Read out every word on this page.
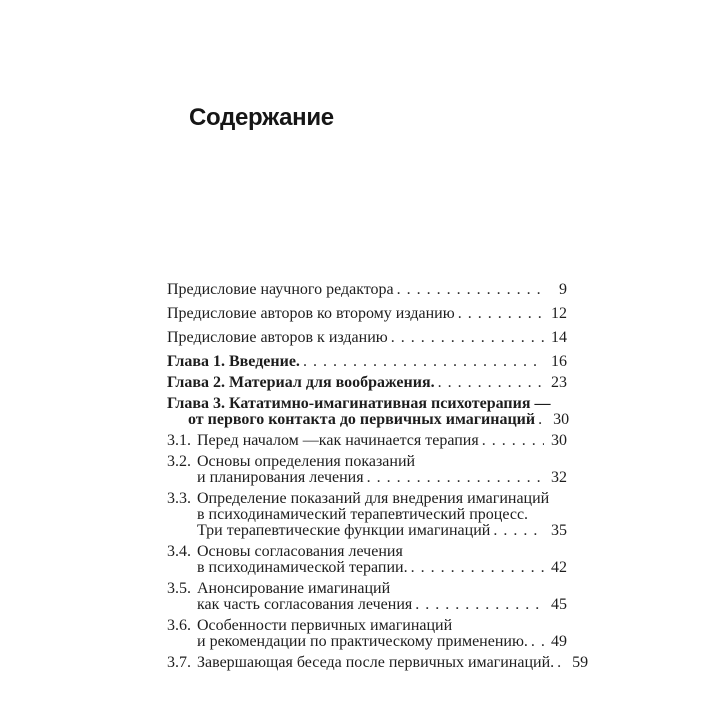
Содержание
Предисловие научного редактора . . .	9
Предисловие авторов ко второму изданию . . .	12
Предисловие авторов к изданию . . .	14
Глава 1. Введение. . . .	16
Глава 2. Материал для воображения. . . .	23
Глава 3. Кататимно-имагинативная психотерапия —
от первого контакта до первичных имагинаций . . . 30
3.1. Перед началом —как начинается терапия . . .	30
3.2. Основы определения показаний
и планирования лечения . . .	32
3.3. Определение показаний для внедрения имагинаций
в психодинамический терапевтический процесс.
Три терапевтические функции имагинаций . . .	35
3.4. Основы согласования лечения
в психодинамической терапии. . . .	42
3.5. Анонсирование имагинаций
как часть согласования лечения . . .	45
3.6. Особенности первичных имагинаций
и рекомендации по практическому применению. . . . 49
3.7. Завершающая беседа после первичных имагинаций. . . . 59
